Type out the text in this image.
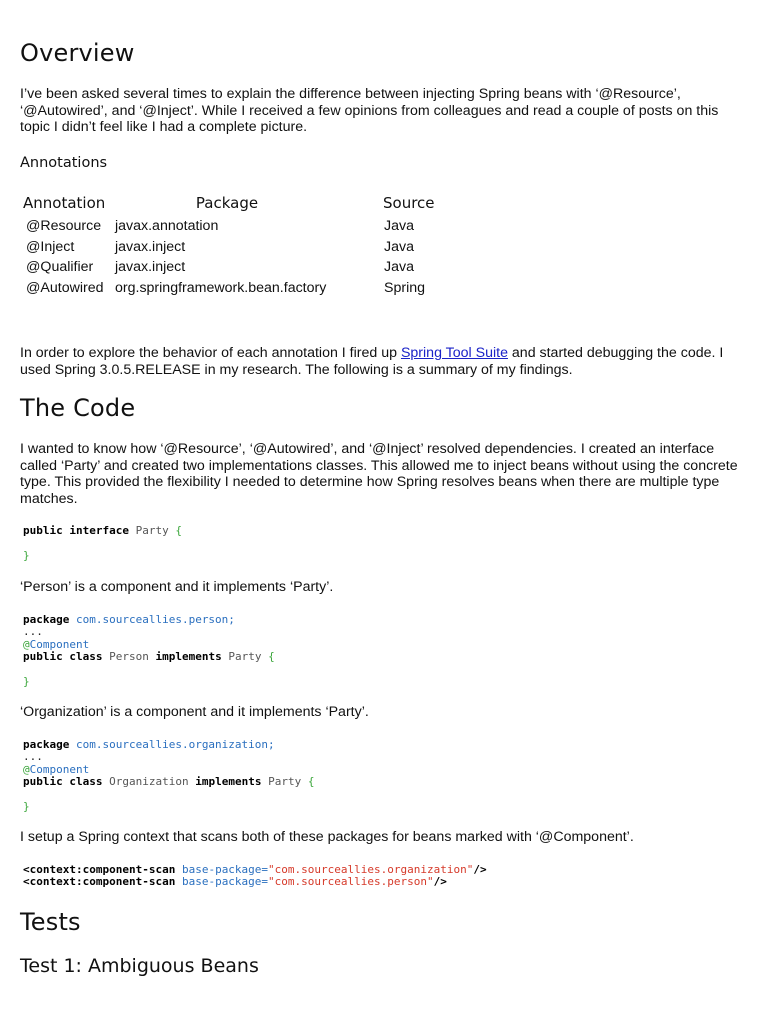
Overview

I’ve been asked several times to explain the difference between injecting Spring beans with ‘@Resource’, ‘@Autowired’, and ‘@Inject’. While I received a few opinions from colleagues and read a couple of posts on this topic I didn’t feel like I had a complete picture.

Annotations

Annotation	Package	Source
@Resource	javax.annotation	Java
@Inject	javax.inject	Java
@Qualifier	javax.inject	Java
@Autowired	org.springframework.bean.factory	Spring

In order to explore the behavior of each annotation I fired up Spring Tool Suite and started debugging the code. I used Spring 3.0.5.RELEASE in my research. The following is a summary of my findings.

The Code

I wanted to know how ‘@Resource’, ‘@Autowired’, and ‘@Inject’ resolved dependencies. I created an interface called ‘Party’ and created two implementations classes. This allowed me to inject beans without using the concrete type. This provided the flexibility I needed to determine how Spring resolves beans when there are multiple type matches.

public interface Party {

}

‘Person’ is a component and it implements ‘Party’.

package com.sourceallies.person;
...
@Component
public class Person implements Party {

}

‘Organization’ is a component and it implements ‘Party’.

package com.sourceallies.organization;
...
@Component
public class Organization implements Party {

}

I setup a Spring context that scans both of these packages for beans marked with ‘@Component’.

<context:component-scan base-package="com.sourceallies.organization"/>
<context:component-scan base-package="com.sourceallies.person"/>
Tests
Test 1: Ambiguous Beans
